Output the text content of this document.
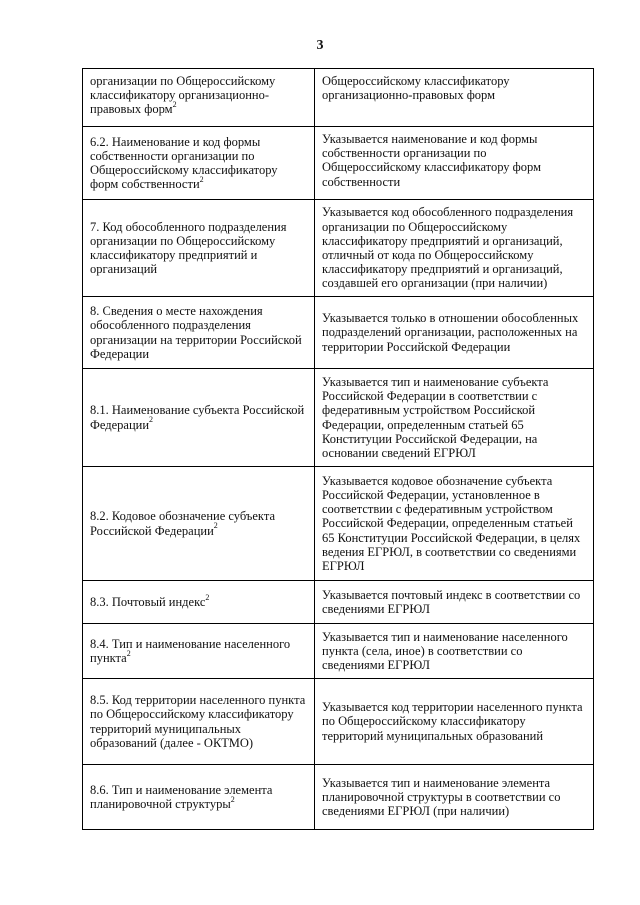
3
организации по Общероссийскому классификатору организационно-правовых форм$^2$	Общероссийскому классификатору организационно-правовых форм
6.2. Наименование и код формы собственности организации по Общероссийскому классификатору форм собственности$^2$	Указывается наименование и код формы собственности организации по Общероссийскому классификатору форм собственности
7. Код обособленного подразделения организации по Общероссийскому классификатору предприятий и организаций	Указывается код обособленного подразделения организации по Общероссийскому классификатору предприятий и организаций, отличный от кода по Общероссийскому классификатору предприятий и организаций, создавшей его организации (при наличии)
8. Сведения о месте нахождения обособленного подразделения организации на территории Российской Федерации	Указывается только в отношении обособленных подразделений организации, расположенных на территории Российской Федерации
8.1. Наименование субъекта Российской Федерации$^2$	Указывается тип и наименование субъекта Российской Федерации в соответствии с федеративным устройством Российской Федерации, определенным статьей 65 Конституции Российской Федерации, на основании сведений ЕГРЮЛ
8.2. Кодовое обозначение субъекта Российской Федерации$^2$	Указывается кодовое обозначение субъекта Российской Федерации, установленное в соответствии с федеративным устройством Российской Федерации, определенным статьей 65 Конституции Российской Федерации, в целях ведения ЕГРЮЛ, в соответствии со сведениями ЕГРЮЛ
8.3. Почтовый индекс$^2$	Указывается почтовый индекс в соответствии со сведениями ЕГРЮЛ
8.4. Тип и наименование населенного пункта$^2$	Указывается тип и наименование населенного пункта (села, иное) в соответствии со сведениями ЕГРЮЛ
8.5. Код территории населенного пункта по Общероссийскому классификатору территорий муниципальных образований (далее - ОКТМО)	Указывается код территории населенного пункта по Общероссийскому классификатору территорий муниципальных образований
8.6. Тип и наименование элемента планировочной структуры$^2$	Указывается тип и наименование элемента планировочной структуры в соответствии со сведениями ЕГРЮЛ (при наличии)
